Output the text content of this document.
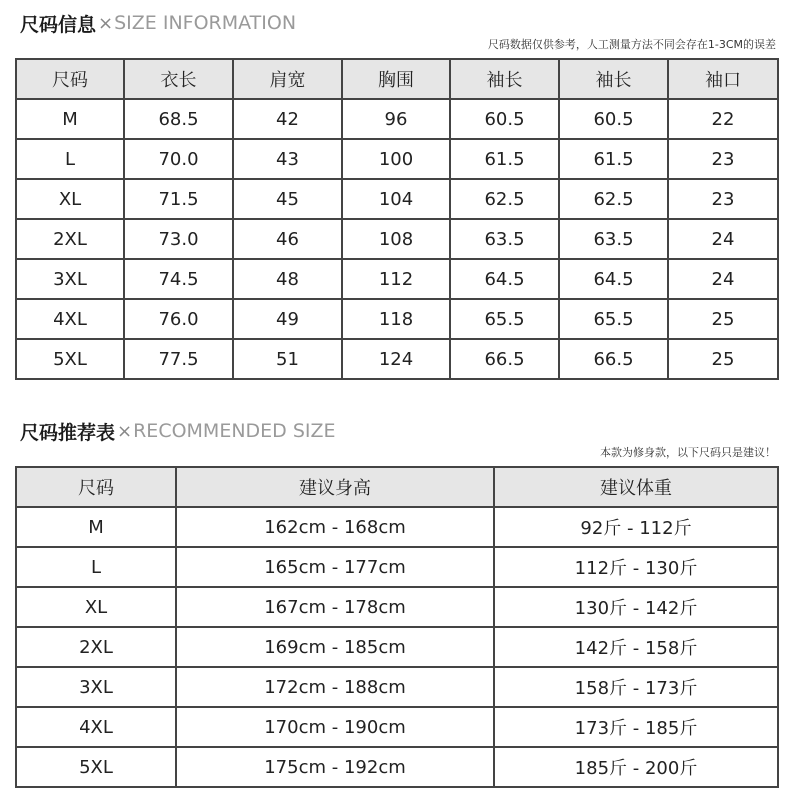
尺码信息 × SIZE INFORMATION
尺码数据仅供参考，人工测量方法不同会存在1-3CM的误差
尺码	衣长	肩宽	胸围	袖长	袖长	袖口
M	68.5	42	96	60.5	60.5	22
L	70.0	43	100	61.5	61.5	23
XL	71.5	45	104	62.5	62.5	23
2XL	73.0	46	108	63.5	63.5	24
3XL	74.5	48	112	64.5	64.5	24
4XL	76.0	49	118	65.5	65.5	25
5XL	77.5	51	124	66.5	66.5	25
尺码推荐表 × RECOMMENDED SIZE
本款为修身款，以下尺码只是建议！
尺码	建议身高	建议体重
M	162cm - 168cm	92斤 - 112斤
L	165cm - 177cm	112斤 - 130斤
XL	167cm - 178cm	130斤 - 142斤
2XL	169cm - 185cm	142斤 - 158斤
3XL	172cm - 188cm	158斤 - 173斤
4XL	170cm - 190cm	173斤 - 185斤
5XL	175cm - 192cm	185斤 - 200斤
